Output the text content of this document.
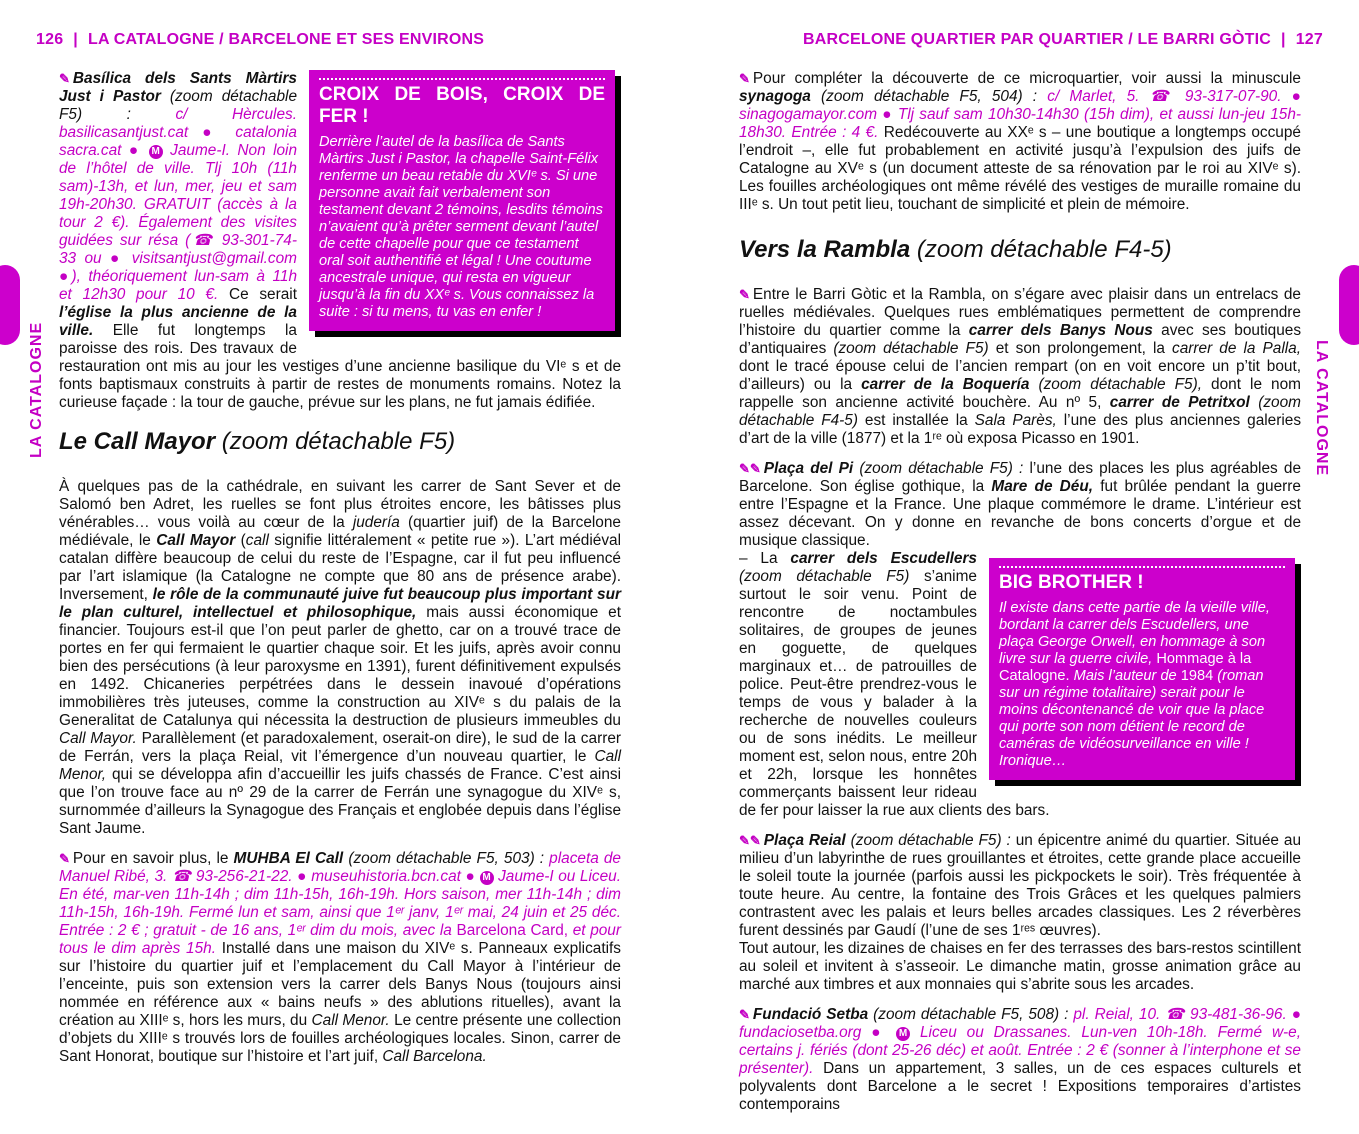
126 | LA CATALOGNE / BARCELONE ET SES ENVIRONS
CROIX DE BOIS, CROIX DE FER !
Derrière l’autel de la basílica de Sants Màrtirs Just i Pastor, la chapelle Saint-Félix renferme un beau retable du XVIᵉ s. Si une personne avait fait verbalement son testament devant 2 témoins, lesdits témoins n’avaient qu’à prêter serment devant l’autel de cette chapelle pour que ce testament oral soit authentifié et légal ! Une coutume ancestrale unique, qui resta en vigueur jusqu’à la fin du XXᵉ s. Vous connaissez la suite : si tu mens, tu vas en enfer !

✎ Basílica dels Sants Màrtirs Just i Pastor (zoom détachable F5) :	c/ Hèrcules. basilicasantjust.cat ● catalonia​sacra.cat ● M Jaume-I. Non loin de l’hôtel de ville. Tlj 10h (11h sam)-13h, et lun, mer, jeu et sam 19h-20h30. GRATUIT (accès à la tour 2 €). Également des visites guidées sur résa (☎ 93-301-74-33 ou ● visitsantjust@gmail.com ●), théoriquement lun-sam à 11h et 12h30 pour 10 €. Ce serait l’église la plus ancienne de la ville. Elle fut longtemps la paroisse des rois. Des travaux de restauration ont mis au jour les vestiges d’une ancienne basilique du VIᵉ s et de fonts baptismaux construits à partir de restes de monuments romains. Notez la curieuse façade : la tour de gauche, prévue sur les plans, ne fut jamais édifiée.

Le Call Mayor (zoom détachable F5)

À quelques pas de la cathédrale, en suivant les carrer de Sant Sever et de Salomó ben Adret, les ruelles se font plus étroites encore, les bâtisses plus vénérables… vous voilà au cœur de la judería (quartier juif) de la Barcelone médiévale, le Call Mayor (call signifie littéralement « petite rue »). L’art médiéval catalan diffère beaucoup de celui du reste de l’Espagne, car il fut peu influencé par l’art islamique (la Catalogne ne compte que 80 ans de présence arabe). Inversement, le rôle de la communauté juive fut beaucoup plus important sur le plan culturel, intellectuel et philosophique, mais aussi économique et financier. Toujours est-il que l’on peut parler de ghetto, car on a trouvé trace de portes en fer qui fermaient le quartier chaque soir. Et les juifs, après avoir connu bien des persécutions (à leur paroxysme en 1391), furent définitivement expulsés en 1492. Chicaneries perpétrées dans le dessein inavoué d’opérations immobilières très juteuses, comme la construction au XIVᵉ s du palais de la Generalitat de Catalunya qui nécessita la destruction de plusieurs immeubles du Call Mayor. Parallèlement (et paradoxalement, oserait-on dire), le sud de la carrer de Ferrán, vers la plaça Reial, vit l’émergence d’un nouveau quartier, le Call Menor, qui se développa afin d’accueillir les juifs chassés de France. C’est ainsi que l’on trouve face au nº 29 de la carrer de Ferrán une synagogue du XIVᵉ s, surnommée d’ailleurs la Synagogue des Français et englobée depuis dans l’église Sant Jaume.

✎ Pour en savoir plus, le MUHBA El Call (zoom détachable F5, 503) : placeta de Manuel Ribé, 3. ☎ 93-256-21-22. ● museuhistoria.bcn.cat ● M Jaume-I ou Liceu. En été, mar-ven 11h-14h ; dim 11h-15h, 16h-19h. Hors saison, mer 11h-14h ; dim 11h-15h, 16h-19h. Fermé lun et sam, ainsi que 1ᵉʳ janv, 1ᵉʳ mai, 24 juin et 25 déc. Entrée : 2 € ; gratuit - de 16 ans, 1ᵉʳ dim du mois, avec la Barcelona Card, et pour tous le dim après 15h. Installé dans une maison du XIVᵉ s. Panneaux explicatifs sur l’histoire du quartier juif et l’emplacement du Call Mayor à l’intérieur de l’enceinte, puis son extension vers la carrer dels Banys Nous (toujours ainsi nommée en référence aux « bains neufs » des ablutions rituelles), avant la création au XIIIᵉ s, hors les murs, du Call Menor. Le centre présente une collection d’objets du XIIIᵉ s trouvés lors de fouilles archéologiques locales. Sinon, carrer de Sant Honorat, boutique sur l’histoire et l’art juif, Call Barcelona.

LA CATALOGNE
BARCELONE QUARTIER PAR QUARTIER / LE BARRI GÒTIC | 127

✎ Pour compléter la découverte de ce microquartier, voir aussi la minuscule synagoga (zoom détachable F5, 504) : c/ Marlet, 5. ☎ 93-317-07-90. ● sinagogamayor.com ● Tlj sauf sam 10h30-14h30 (15h dim), et aussi lun-jeu 15h-18h30. Entrée : 4 €. Redécouverte au XXᵉ s – une boutique a longtemps occupé l’endroit –, elle fut probablement en activité jusqu’à l’expulsion des juifs de Catalogne au XVᵉ s (un document atteste de sa rénovation par le roi au XIVᵉ s). Les fouilles archéologiques ont même révélé des vestiges de muraille romaine du IIIᵉ s. Un tout petit lieu, touchant de simplicité et plein de mémoire.

Vers la Rambla (zoom détachable F4-5)

✎ Entre le Barri Gòtic et la Rambla, on s’égare avec plaisir dans un entrelacs de ruelles médiévales. Quelques rues emblématiques permettent de comprendre l’histoire du quartier comme la carrer dels Banys Nous avec ses boutiques d’antiquaires (zoom détachable F5) et son prolongement, la carrer de la Palla, dont le tracé épouse celui de l’ancien rempart (on en voit encore un p’tit bout, d’ailleurs) ou la carrer de la Boquería (zoom détachable F5), dont le nom rappelle son ancienne activité bouchère. Au nº 5, carrer de Petritxol (zoom détachable F4-5) est installée la Sala Parès, l’une des plus anciennes galeries d’art de la ville (1877) et la 1ʳᵉ où exposa Picasso en 1901.

✎✎ Plaça del Pi (zoom détachable F5) : l’une des places les plus agréables de Barcelone. Son église gothique, la Mare de Déu, fut brûlée pendant la guerre entre l’Espagne et la France. Une plaque commémore le drame. L’intérieur est assez décevant. On y donne en revanche de bons concerts d’orgue et de musique classique.

BIG BROTHER !
Il existe dans cette partie de la vieille ville, bordant la carrer dels Escudellers, une plaça George Orwell, en hommage à son livre sur la guerre civile, Hommage à la Catalogne. Mais l’auteur de 1984 (roman sur un régime totalitaire) serait pour le moins décontenancé de voir que la place qui porte son nom détient le record de caméras de vidéosurveillance en ville ! Ironique…

– La carrer dels Escudellers (zoom détachable F5) s’anime surtout le soir venu. Point de rencontre de noctambules solitaires, de groupes de jeunes en goguette, de quelques marginaux et… de patrouilles de police. Peut-être prendrez-vous le temps de vous y balader à la recherche de nouvelles couleurs ou de sons inédits. Le meilleur moment est, selon nous, entre 20h et 22h, lorsque les honnêtes commerçants baissent leur rideau de fer pour laisser la rue aux clients des bars.

✎✎ Plaça Reial (zoom détachable F5) : un épicentre animé du quartier. Située au milieu d’un labyrinthe de rues grouillantes et étroites, cette grande place accueille le soleil toute la journée (parfois aussi les pickpockets le soir). Très fréquentée à toute heure. Au centre, la fontaine des Trois Grâces et les quelques palmiers contrastent avec les palais et leurs belles arcades classiques. Les 2 réverbères furent dessinés par Gaudí (l’une de ses 1ʳᵉˢ œuvres).

Tout autour, les dizaines de chaises en fer des terrasses des bars-restos scintillent au soleil et invitent à s’asseoir. Le dimanche matin, grosse animation grâce au marché aux timbres et aux monnaies qui s’abrite sous les arcades.

✎ Fundació Setba (zoom détachable F5, 508) : pl. Reial, 10. ☎ 93-481-36-96. ● fundaciosetba.org ● M Liceu ou Drassanes. Lun-ven 10h-18h. Fermé w-e, certains j. fériés (dont 25-26 déc) et août. Entrée : 2 € (sonner à l’interphone et se présenter). Dans un appartement, 3 salles, un de ces espaces culturels et polyvalents dont Barcelone a le secret ! Expositions temporaires d’artistes contemporains

LA CATALOGNE
